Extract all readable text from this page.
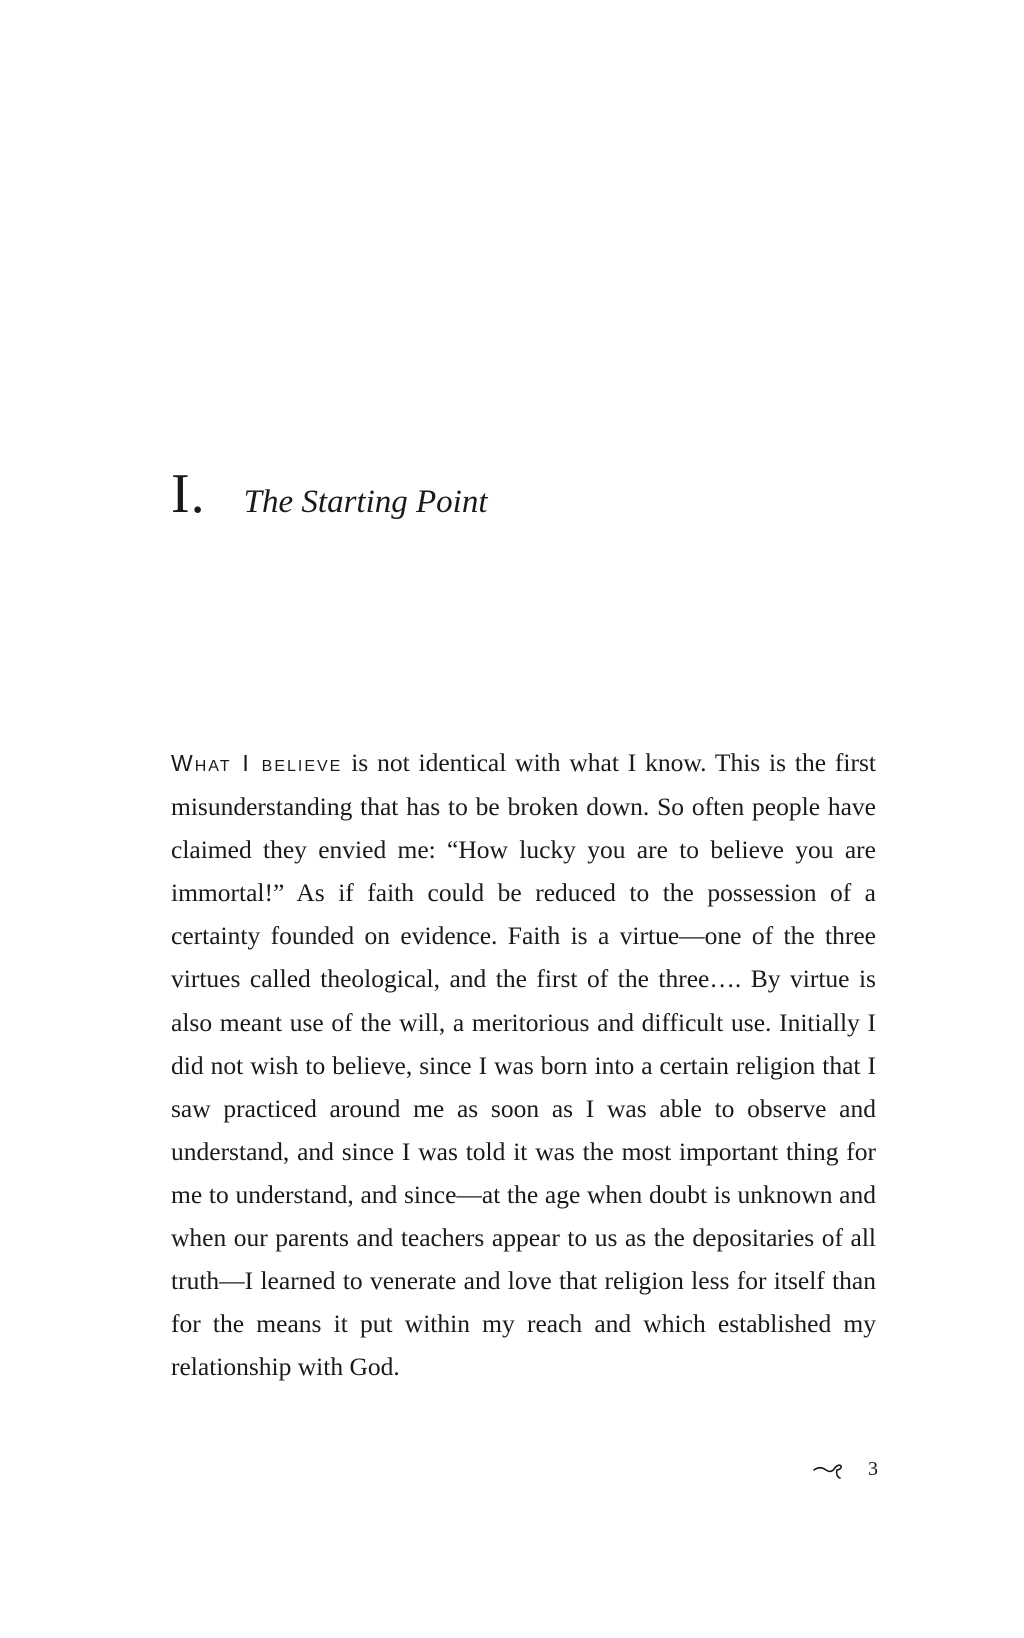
I. The Starting Point

What I believe is not identical with what I know. This is the first misunderstanding that has to be broken down. So often people have claimed they envied me: “How lucky you are to believe you are immortal!” As if faith could be reduced to the possession of a certainty founded on evidence. Faith is a virtue—one of the three virtues called theological, and the first of the three…. By virtue is also meant use of the will, a meritorious and difficult use. Initially I did not wish to believe, since I was born into a certain religion that I saw practiced around me as soon as I was able to observe and understand, and since I was told it was the most important thing for me to understand, and since—at the age when doubt is unknown and when our parents and teachers appear to us as the depositaries of all truth—I learned to venerate and love that religion less for itself than for the means it put within my reach and which established my relationship with God.

3
